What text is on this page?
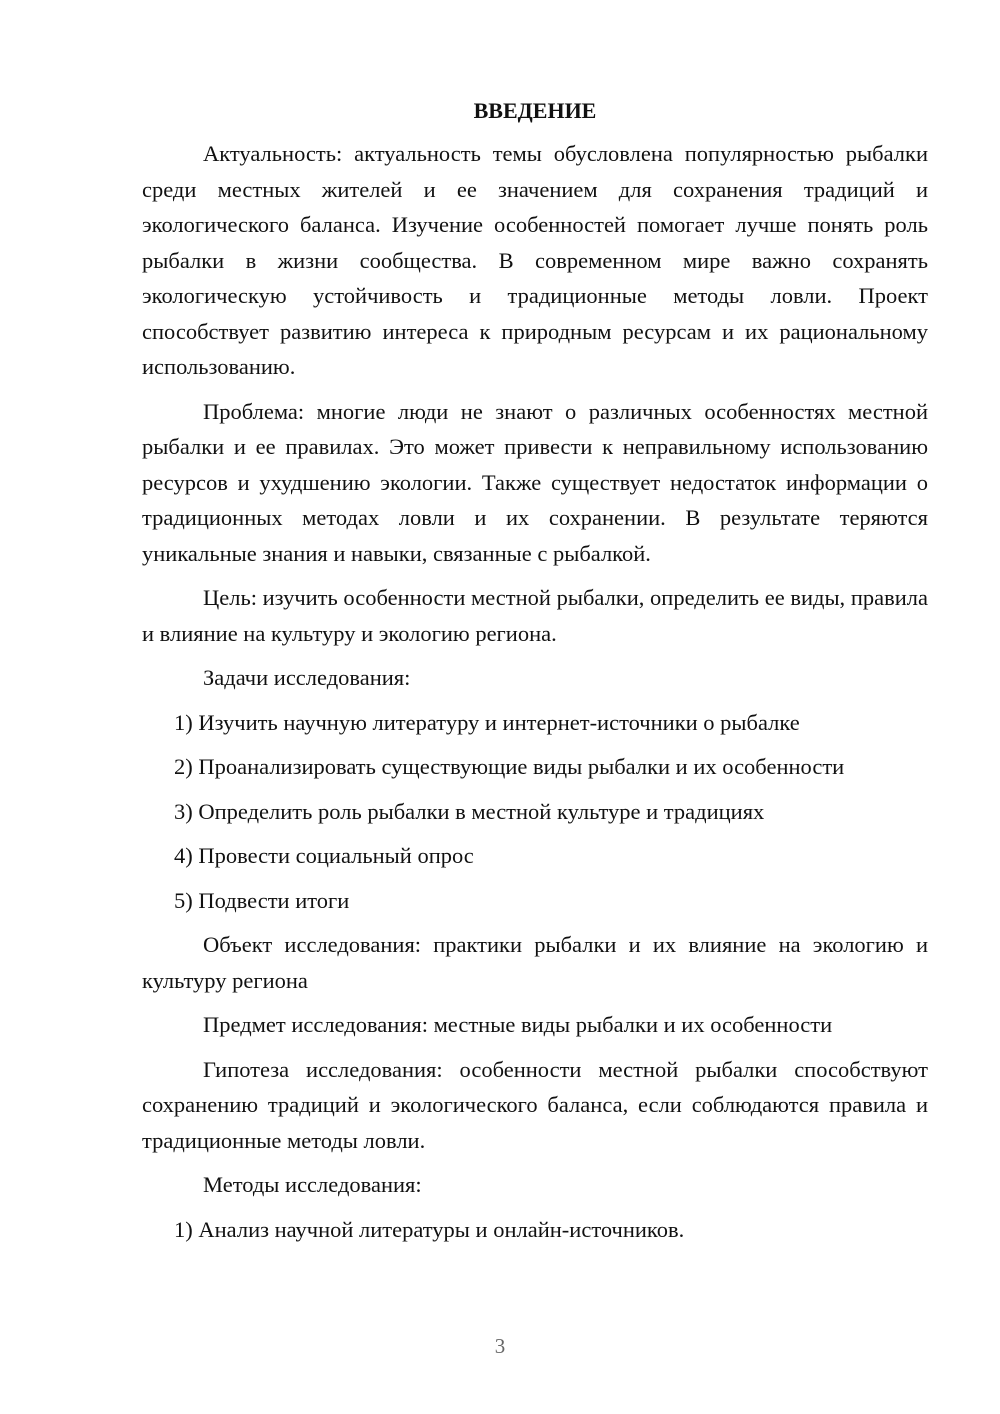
ВВЕДЕНИЕ

Актуальность: актуальность темы обусловлена популярностью рыбалки среди местных жителей и ее значением для сохранения традиций и экологического баланса. Изучение особенностей помогает лучше понять роль рыбалки в жизни сообщества. В современном мире важно сохранять экологическую устойчивость и традиционные методы ловли. Проект способствует развитию интереса к природным ресурсам и их рациональному использованию.

Проблема: многие люди не знают о различных особенностях местной рыбалки и ее правилах. Это может привести к неправильному использованию ресурсов и ухудшению экологии. Также существует недостаток информации о традиционных методах ловли и их сохранении. В результате теряются уникальные знания и навыки, связанные с рыбалкой.

Цель: изучить особенности местной рыбалки, определить ее виды, правила и влияние на культуру и экологию региона.

Задачи исследования:

1) Изучить научную литературу и интернет-источники о рыбалке

2) Проанализировать существующие виды рыбалки и их особенности

3) Определить роль рыбалки в местной культуре и традициях

4) Провести социальный опрос

5) Подвести итоги

Объект исследования: практики рыбалки и их влияние на экологию и культуру региона

Предмет исследования: местные виды рыбалки и их особенности

Гипотеза исследования: особенности местной рыбалки способствуют сохранению традиций и экологического баланса, если соблюдаются правила и традиционные методы ловли.

Методы исследования:

1) Анализ научной литературы и онлайн-источников.

3
